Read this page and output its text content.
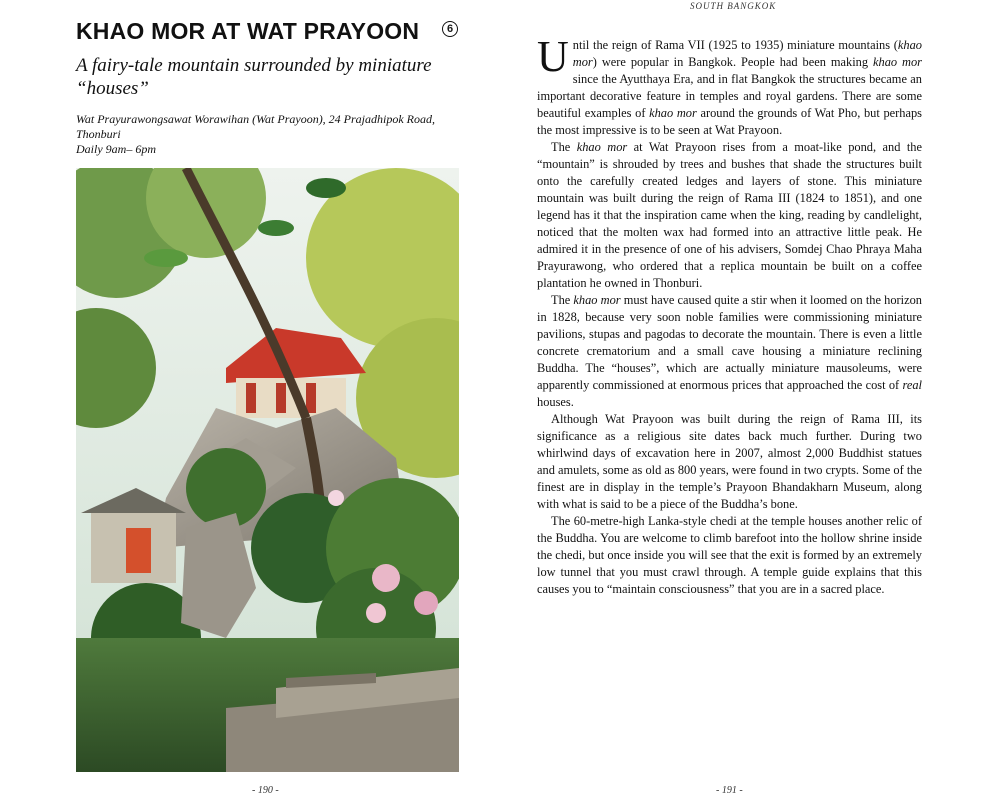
KHAO MOR AT WAT PRAYOON	6

A fairy-tale mountain surrounded by miniature “houses”

Wat Prayurawongsawat Worawihan (Wat Prayoon), 24 Prajadhipok Road, Thonburi

Daily 9am– 6pm

- 190 -
SOUTH BANGKOK

Until the reign of Rama VII (1925 to 1935) miniature mountains (khao mor) were popular in Bangkok. People had been making khao mor since the Ayutthaya Era, and in flat Bangkok the structures became an important decorative feature in temples and royal gardens. There are some beautiful examples of khao mor around the grounds of Wat Pho, but perhaps the most impressive is to be seen at Wat Prayoon.

The khao mor at Wat Prayoon rises from a moat-like pond, and the “mountain” is shrouded by trees and bushes that shade the structures built onto the carefully created ledges and layers of stone. This miniature mountain was built during the reign of Rama III (1824 to 1851), and one legend has it that the inspiration came when the king, reading by candlelight, noticed that the molten wax had formed into an attractive little peak. He admired it in the presence of one of his advisers, Somdej Chao Phraya Maha Prayurawong, who ordered that a replica mountain be built on a coffee plantation he owned in Thonburi.

The khao mor must have caused quite a stir when it loomed on the horizon in 1828, because very soon noble families were commissioning miniature pavilions, stupas and pagodas to decorate the mountain. There is even a little concrete crematorium and a small cave housing a miniature reclining Buddha. The “houses”, which are actually miniature mausoleums, were apparently commissioned at enormous prices that approached the cost of real houses.

Although Wat Prayoon was built during the reign of Rama III, its significance as a religious site dates back much further. During two whirlwind days of excavation here in 2007, almost 2,000 Buddhist statues and amulets, some as old as 800 years, were found in two crypts. Some of the finest are in display in the temple’s Prayoon Bhandakharn Museum, along with what is said to be a piece of the Buddha’s bone.

The 60-metre-high Lanka-style chedi at the temple houses another relic of the Buddha. You are welcome to climb barefoot into the hollow shrine inside the chedi, but once inside you will see that the exit is formed by an extremely low tunnel that you must crawl through. A temple guide explains that this causes you to “maintain consciousness” that you are in a sacred place.

- 191 -
